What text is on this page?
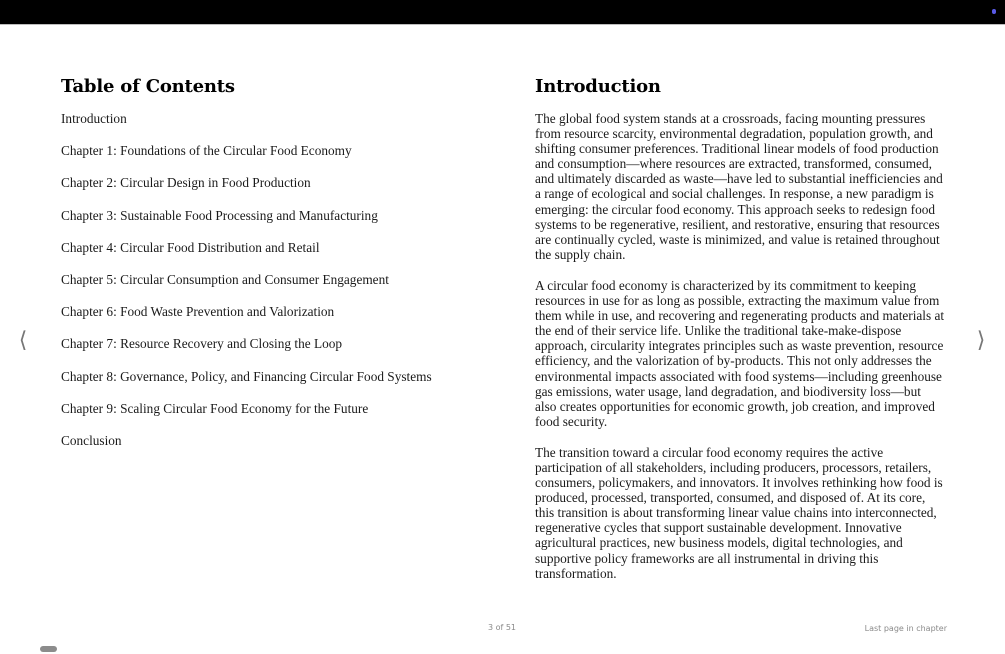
Table of Contents
Introduction
Chapter 1: Foundations of the Circular Food Economy
Chapter 2: Circular Design in Food Production
Chapter 3: Sustainable Food Processing and Manufacturing
Chapter 4: Circular Food Distribution and Retail
Chapter 5: Circular Consumption and Consumer Engagement
Chapter 6: Food Waste Prevention and Valorization
Chapter 7: Resource Recovery and Closing the Loop
Chapter 8: Governance, Policy, and Financing Circular Food Systems
Chapter 9: Scaling Circular Food Economy for the Future
Conclusion
Introduction

The global food system stands at a crossroads, facing mounting pressures from resource scarcity, environmental degradation, population growth, and shifting consumer preferences. Traditional linear models of food production and consumption—where resources are extracted, transformed, consumed, and ultimately discarded as waste—have led to substantial inefficiencies and a range of ecological and social challenges. In response, a new paradigm is emerging: the circular food economy. This approach seeks to redesign food systems to be regenerative, resilient, and restorative, ensuring that resources are continually cycled, waste is minimized, and value is retained throughout the supply chain.

A circular food economy is characterized by its commitment to keeping resources in use for as long as possible, extracting the maximum value from them while in use, and recovering and regenerating products and materials at the end of their service life. Unlike the traditional take-make-dispose approach, circularity integrates principles such as waste prevention, resource efficiency, and the valorization of by-products. This not only addresses the environmental impacts associated with food systems—including greenhouse gas emissions, water usage, land degradation, and biodiversity loss—but also creates opportunities for economic growth, job creation, and improved food security.

The transition toward a circular food economy requires the active participation of all stakeholders, including producers, processors, retailers, consumers, policymakers, and innovators. It involves rethinking how food is produced, processed, transported, consumed, and disposed of. At its core, this transition is about transforming linear value chains into interconnected, regenerative cycles that support sustainable development. Innovative agricultural practices, new business models, digital technologies, and supportive policy frameworks are all instrumental in driving this transformation.

⟨	⟩
3 of 51	Last page in chapter
